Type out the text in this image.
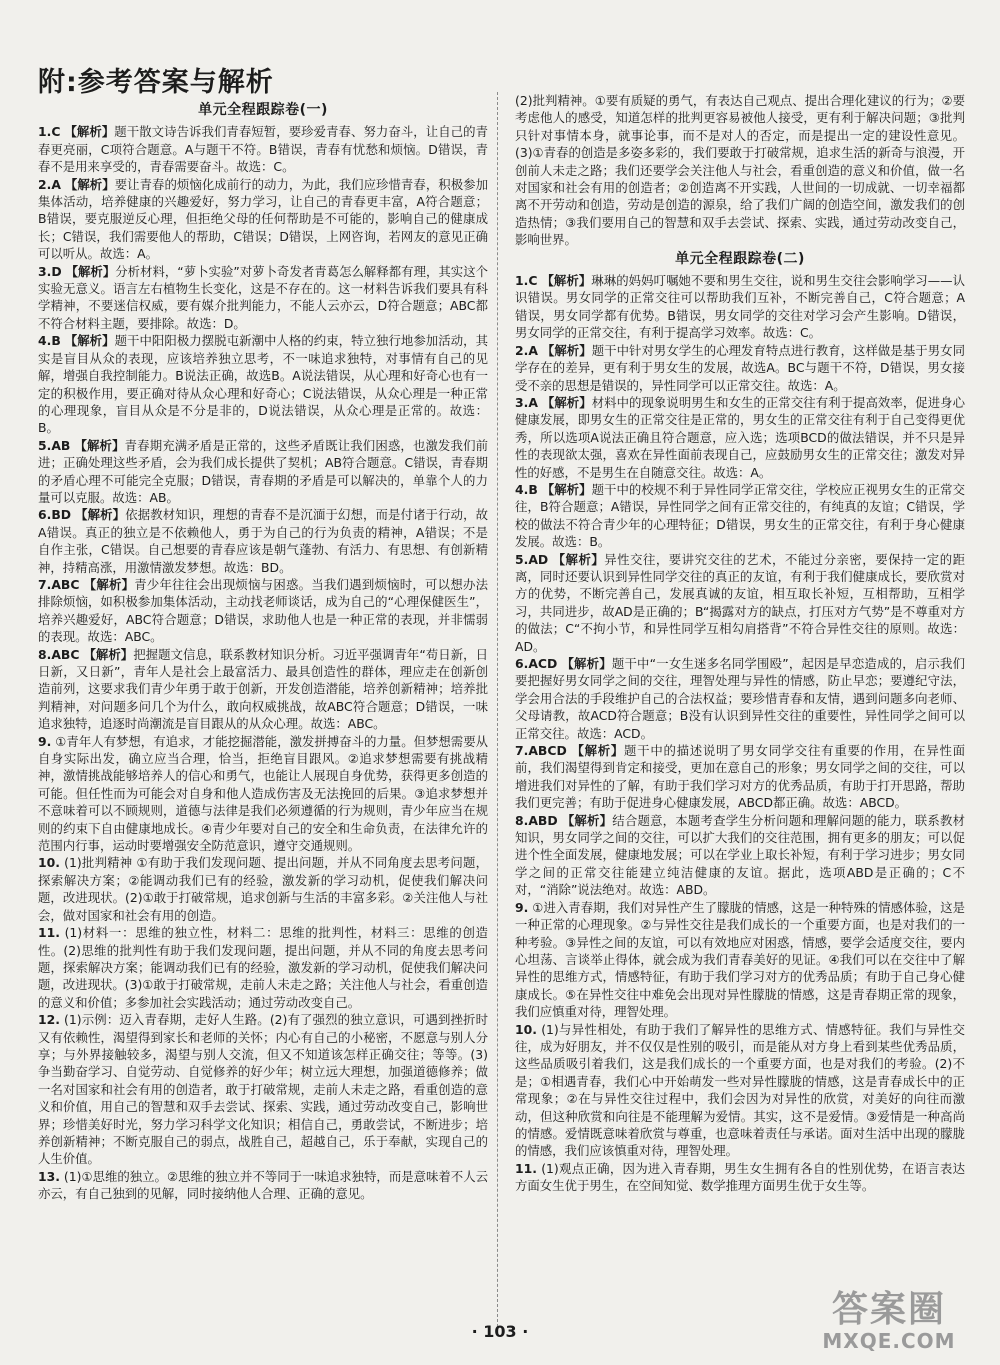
附:参考答案与解析
单元全程跟踪卷(一)

1.C 【解析】题干散文诗告诉我们青春短暂，要珍爱青春、努力奋斗，让自己的青春更亮丽，C项符合题意。A与题干不符。B错误，青春有忧愁和烦恼。D错误，青春不是用来享受的，青春需要奋斗。故选：C。

2.A 【解析】要让青春的烦恼化成前行的动力，为此，我们应珍惜青春，积极参加集体活动，培养健康的兴趣爱好，努力学习，让自己的青春更丰富，A符合题意；B错误，要克服逆反心理，但拒绝父母的任何帮助是不可能的，影响自己的健康成长；C错误，我们需要他人的帮助，C错误；D错误，上网咨询，若网友的意见正确可以听从。故选：A。

3.D 【解析】分析材料，“萝卜实验”对萝卜奇发者青葛怎么解释都有理，其实这个实验无意义。语言左右植物生长变化，这是不存在的。这一材料告诉我们要具有科学精神，不要迷信权威，要有媒介批判能力，不能人云亦云，D符合题意；ABC都不符合材料主题，要排除。故选：D。

4.B 【解析】题干中阳阳极力摆脱屯新潮中人格的约束，特立独行地参加活动，其实是盲目从众的表现，应该培养独立思考，不一味追求独特，对事情有自己的见解，增强自我控制能力。B说法正确，故选B。A说法错误，从心理和好奇心也有一定的积极作用，要正确对待从众心理和好奇心；C说法错误，从众心理是一种正常的心理现象，盲目从众是不分是非的，D说法错误，从众心理是正常的。故选：B。

5.AB 【解析】青春期充满矛盾是正常的，这些矛盾既让我们困惑，也激发我们前进；正确处理这些矛盾，会为我们成长提供了契机；AB符合题意。C错误，青春期的矛盾心理不可能完全克服；D错误，青春期的矛盾是可以解决的，单靠个人的力量可以克服。故选：AB。

6.BD 【解析】依据教材知识，理想的青春不是沉湎于幻想，而是付诸于行动，故A错误。真正的独立是不依赖他人，勇于为自己的行为负责的精神，A错误；不是自作主张，C错误。自己想要的青春应该是朝气蓬勃、有活力、有思想、有创新精神，持精高涨，用激情激发梦想。故选：BD。

7.ABC 【解析】青少年往往会出现烦恼与困惑。当我们遇到烦恼时，可以想办法排除烦恼，如积极参加集体活动，主动找老师谈话，成为自己的“心理保健医生”，培养兴趣爱好，ABC符合题意；D错误，求助他人也是一种正常的表现，并非懦弱的表现。故选：ABC。

8.ABC 【解析】把握题文信息，联系教材知识分析。习近平强调青年“苟日新，日日新，又日新”，青年人是社会上最富活力、最具创造性的群体，理应走在创新创造前列，这要求我们青少年勇于敢于创新，开发创造潜能，培养创新精神；培养批判精神，对问题多问几个为什么，敢向权威挑战，故ABC符合题意；D错误，一味追求独特，追逐时尚潮流是盲目跟从的从众心理。故选：ABC。

9. ①青年人有梦想，有追求，才能挖掘潜能，激发拼搏奋斗的力量。但梦想需要从自身实际出发，确立应当合理，恰当，拒绝盲目跟风。②追求梦想需要有挑战精神，激情挑战能够培养人的信心和勇气，也能让人展现自身优势，获得更多创造的可能。但任性而为可能会对自身和他人造成伤害及无法挽回的后果。③追求梦想并不意味着可以不顾规则，道德与法律是我们必须遵循的行为规则，青少年应当在规则的约束下自由健康地成长。④青少年要对自己的安全和生命负责，在法律允许的范围内行事，运动时要增强安全防范意识，遵守交通规则。

10. (1)批判精神 ①有助于我们发现问题、提出问题，并从不同角度去思考问题，探索解决方案；②能调动我们已有的经验，激发新的学习动机，促使我们解决问题，改进现状。(2)①敢于打破常规，追求创新与生活的丰富多彩。②关注他人与社会，做对国家和社会有用的创造。

11. (1)材料一：思维的独立性，材料二：思维的批判性，材料三：思维的创造性。(2)思维的批判性有助于我们发现问题，提出问题，并从不同的角度去思考问题，探索解决方案；能调动我们已有的经验，激发新的学习动机，促使我们解决问题，改进现状。(3)①敢于打破常规，走前人未走之路；关注他人与社会，看重创造的意义和价值；多参加社会实践活动；通过劳动改变自己。

12. (1)示例：迈入青春期，走好人生路。(2)有了强烈的独立意识，可遇到挫折时又有依赖性，渴望得到家长和老师的关怀；内心有自己的小秘密，不愿意与别人分享；与外界接触较多，渴望与别人交流，但又不知道该怎样正确交往；等等。(3)争当勤奋学习、自觉劳动、自觉修养的好少年；树立远大理想，加强道德修养；做一名对国家和社会有用的创造者，敢于打破常规，走前人未走之路，看重创造的意义和价值，用自己的智慧和双手去尝试、探索、实践，通过劳动改变自己，影响世界；珍惜美好时光，努力学习科学文化知识；相信自己，勇敢尝试，不断进步；培养创新精神；不断克服自己的弱点，战胜自己，超越自己，乐于奉献，实现自己的人生价值。

13. (1)①思维的独立。②思维的独立并不等同于一味追求独特，而是意味着不人云亦云，有自己独到的见解，同时接纳他人合理、正确的意见。

(2)批判精神。①要有质疑的勇气，有表达自己观点、提出合理化建议的行为；②要考虑他人的感受，知道怎样的批判更容易被他人接受，更有利于解决问题；③批判只针对事情本身，就事论事，而不是对人的否定，而是提出一定的建设性意见。(3)①青春的创造是多姿多彩的，我们要敢于打破常规，追求生活的新奇与浪漫，开创前人未走之路；我们还要学会关注他人与社会，看重创造的意义和价值，做一名对国家和社会有用的创造者；②创造离不开实践，人世间的一切成就、一切幸福都离不开劳动和创造，劳动是创造的源泉，给了我们广阔的创造空间，激发我们的创造热情；③我们要用自己的智慧和双手去尝试、探索、实践，通过劳动改变自己，影响世界。

单元全程跟踪卷(二)

1.C 【解析】琳琳的妈妈叮嘱她不要和男生交往，说和男生交往会影响学习——认识错误。男女同学的正常交往可以帮助我们互补，不断完善自己，C符合题意；A错误，男女同学都有优势。B错误，男女同学的交往对学习会产生影响。D错误，男女同学的正常交往，有利于提高学习效率。故选：C。

2.A 【解析】题干中针对男女学生的心理发育特点进行教育，这样做是基于男女同学存在的差异，更有利于男女生的发展，故选A。BC与题干不符，D错误，男女接受不亲的思想是错误的，异性同学可以正常交往。故选：A。

3.A 【解析】材料中的现象说明男生和女生的正常交往有利于提高效率，促进身心健康发展，即男女生的正常交往是正常的，男女生的正常交往有利于自己变得更优秀，所以选项A说法正确且符合题意，应入选；选项BCD的做法错误，并不只是异性的表现欲太强，喜欢在异性面前表现自己，应鼓励男女生的正常交往；激发对异性的好感，不是男生在自随意交往。故选：A。

4.B 【解析】题干中的校规不利于异性同学正常交往，学校应正视男女生的正常交往，B符合题意；A错误，异性同学之间有正常交往的，有纯真的友谊；C错误，学校的做法不符合青少年的心理特征；D错误，男女生的正常交往，有利于身心健康发展。故选：B。

5.AD 【解析】异性交往，要讲究交往的艺术，不能过分亲密，要保持一定的距离，同时还要认识到异性同学交往的真正的友谊，有利于我们健康成长，要欣赏对方的优势，不断完善自己，发展真诚的友谊，相互取长补短，互相帮助，互相学习，共同进步，故AD是正确的；B“揭露对方的缺点，打压对方气势”是不尊重对方的做法；C“不拘小节，和异性同学互相勾肩搭背”不符合异性交往的原则。故选：AD。

6.ACD 【解析】题干中“一女生迷多名同学围殴”，起因是早恋造成的，启示我们要把握好男女同学之间的交往，理智处理与异性的情感，防止早恋；要遵纪守法，学会用合法的手段维护自己的合法权益；要珍惜青春和友情，遇到问题多向老师、父母请教，故ACD符合题意；B没有认识到异性交往的重要性，异性同学之间可以正常交往。故选：ACD。

7.ABCD 【解析】题干中的描述说明了男女同学交往有重要的作用，在异性面前，我们渴望得到肯定和接受，更加在意自己的形象；男女同学之间的交往，可以增进我们对异性的了解，有助于我们学习对方的优秀品质，有助于打开思路，帮助我们更完善；有助于促进身心健康发展，ABCD都正确。故选：ABCD。

8.ABD 【解析】结合题意，本题考查学生分析问题和理解问题的能力，联系教材知识，男女同学之间的交往，可以扩大我们的交往范围，拥有更多的朋友；可以促进个性全面发展，健康地发展；可以在学业上取长补短，有利于学习进步；男女同学之间的正常交往能建立纯洁健康的友谊。据此，选项ABD是正确的；C不对，“消除”说法绝对。故选：ABD。

9. ①进入青春期，我们对异性产生了朦胧的情感，这是一种特殊的情感体验，这是一种正常的心理现象。②与异性交往是我们成长的一个重要方面，也是对我们的一种考验。③异性之间的友谊，可以有效地应对困惑，情感，要学会适度交往，要内心坦荡、言谈举止得体，就会成为我们青春美好的见证。④我们可以在交往中了解异性的思维方式，情感特征，有助于我们学习对方的优秀品质；有助于自己身心健康成长。⑤在异性交往中难免会出现对异性朦胧的情感，这是青春期正常的现象，我们应慎重对待，理智处理。

10. (1)与异性相处，有助于我们了解异性的思维方式、情感特征。我们与异性交往，成为好朋友，并不仅仅是性别的吸引，而是能从对方身上看到某些优秀品质，这些品质吸引着我们，这是我们成长的一个重要方面，也是对我们的考验。(2)不是；①相遇青春，我们心中开始萌发一些对异性朦胧的情感，这是青春成长中的正常现象；②在与异性交往过程中，我们会因为对异性的欣赏，对美好的向往而激动，但这种欣赏和向往是不能理解为爱情。其实，这不是爱情。③爱情是一种高尚的情感。爱情既意味着欣赏与尊重，也意味着责任与承诺。面对生活中出现的朦胧的情感，我们应该慎重对待，理智处理。

11. (1)观点正确，因为进入青春期，男生女生拥有各自的性别优势，在语言表达方面女生优于男生，在空间知觉、数学推理方面男生优于女生等。

· 103 ·
答案圈
MXQE.COM
